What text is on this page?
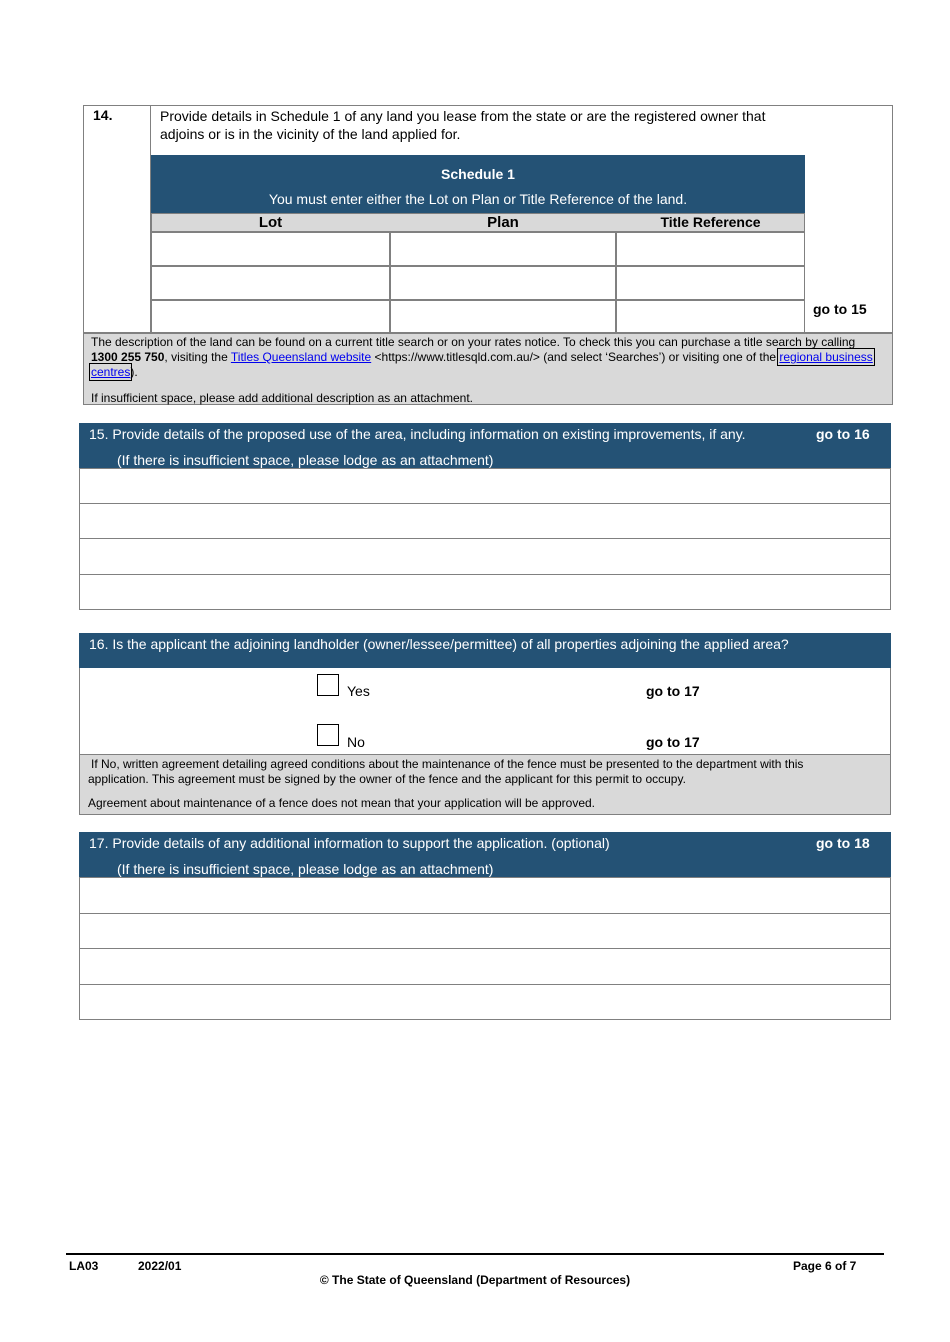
14.	Provide details in Schedule 1 of any land you lease from the state or are the registered owner that adjoins or is in the vicinity of the land applied for.
Schedule 1
You must enter either the Lot on Plan or Title Reference of the land.
Lot	Plan	Title Reference
go to 15
The description of the land can be found on a current title search or on your rates notice. To check this you can purchase a title search by calling 1300 255 750, visiting the Titles Queensland website <https://www.titlesqld.com.au/> (and select ‘Searches’) or visiting one of the regional business centres).
If insufficient space, please add additional description as an attachment.
15. Provide details of the proposed use of the area, including information on existing improvements, if any.	go to 16
(If there is insufficient space, please lodge as an attachment)
16. Is the applicant the adjoining landholder (owner/lessee/permittee) of all properties adjoining the applied area?
Yes	go to 17
No	go to 17
If No, written agreement detailing agreed conditions about the maintenance of the fence must be presented to the department with this application. This agreement must be signed by the owner of the fence and the applicant for this permit to occupy.
Agreement about maintenance of a fence does not mean that your application will be approved.
17. Provide details of any additional information to support the application. (optional)	go to 18
(If there is insufficient space, please lodge as an attachment)
LA03	2022/01	Page 6 of 7
© The State of Queensland (Department of Resources)
